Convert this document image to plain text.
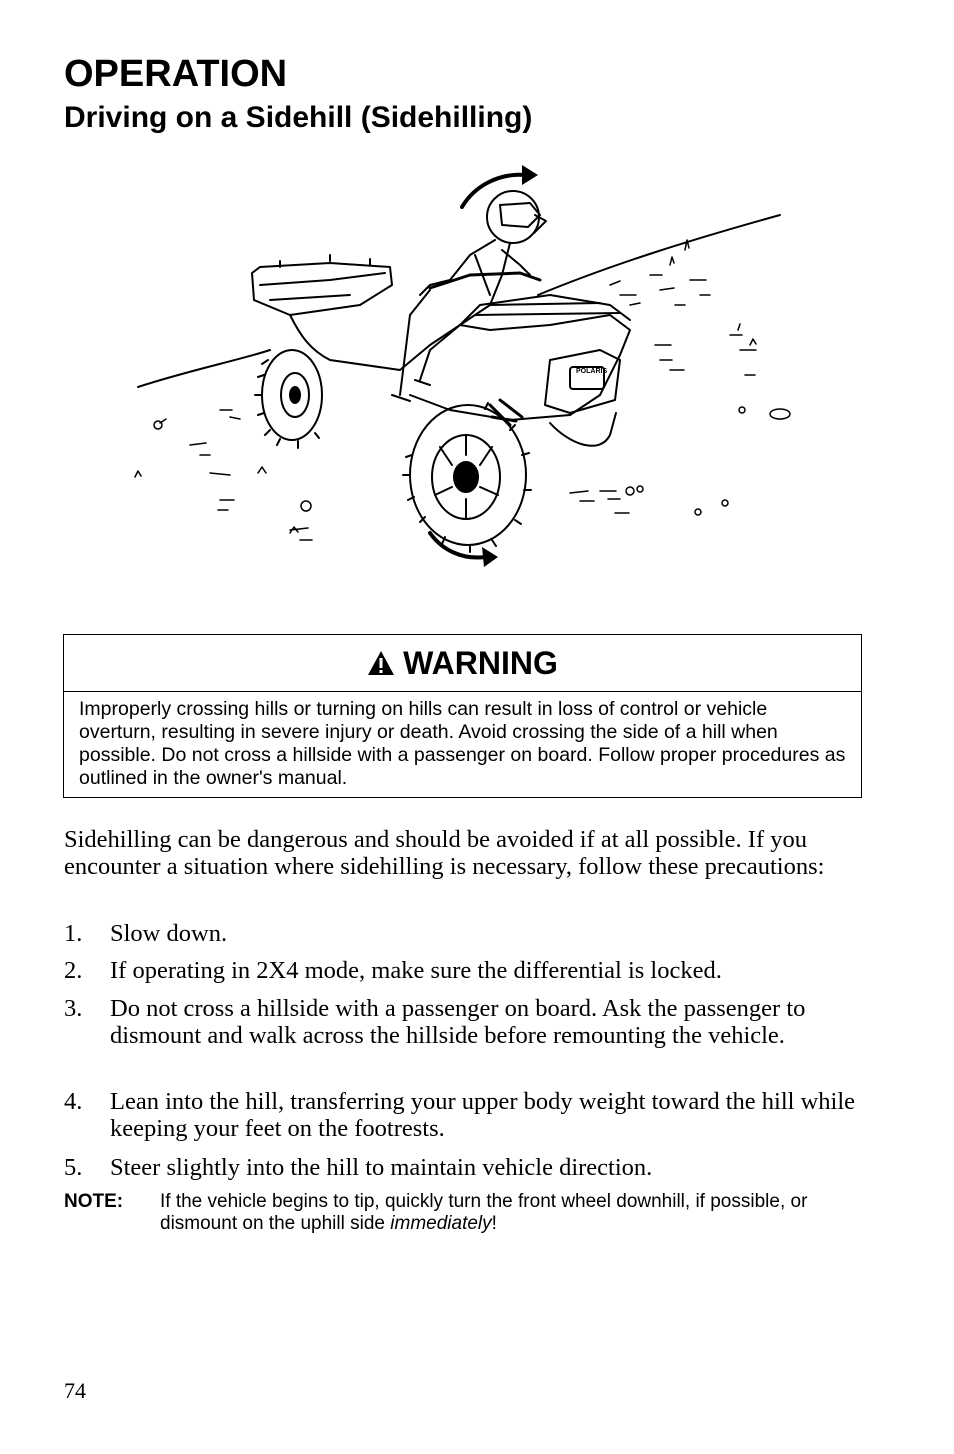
OPERATION
Driving on a Sidehill (Sidehilling)
POLARIS
WARNING
Improperly crossing hills or turning on hills can result in loss of control or vehicle overturn, resulting in severe injury or death. Avoid crossing the side of a hill when possible. Do not cross a hillside with a passenger on board. Follow proper procedures as outlined in the owner's manual.

Sidehilling can be dangerous and should be avoided if at all possible. If you encounter a situation where sidehilling is necessary, follow these precautions:

1. Slow down.
2. If operating in 2X4 mode, make sure the differential is locked.
3. Do not cross a hillside with a passenger on board. Ask the passenger to dismount and walk across the hillside before remounting the vehicle.
4. Lean into the hill, transferring your upper body weight toward the hill while keeping your feet on the footrests.
5. Steer slightly into the hill to maintain vehicle direction.
NOTE: If the vehicle begins to tip, quickly turn the front wheel downhill, if possible, or dismount on the uphill side immediately!
74
